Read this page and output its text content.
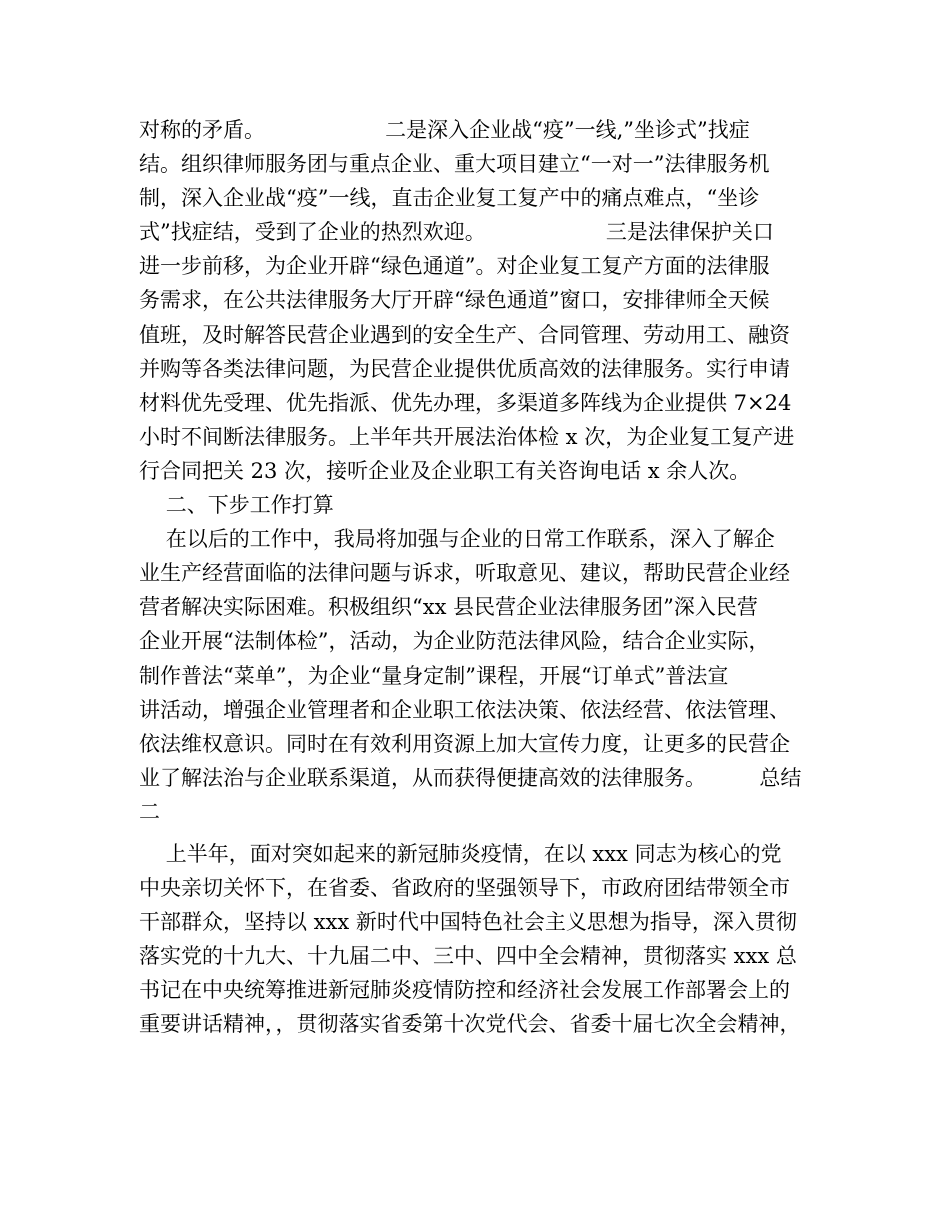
对称的矛盾。                  二是深入企业战“疫”一线,”坐诊式”找症
结。组织律师服务团与重点企业、重大项目建立“一对一”法律服务机
制，深入企业战“疫”一线，直击企业复工复产中的痛点难点，“坐诊
式”找症结，受到了企业的热烈欢迎。                  三是法律保护关口
进一步前移，为企业开辟“绿色通道”。对企业复工复产方面的法律服
务需求，在公共法律服务大厅开辟“绿色通道”窗口，安排律师全天候
值班，及时解答民营企业遇到的安全生产、合同管理、劳动用工、融资
并购等各类法律问题，为民营企业提供优质高效的法律服务。实行申请
材料优先受理、优先指派、优先办理，多渠道多阵线为企业提供 7×24
小时不间断法律服务。上半年共开展法治体检 x 次，为企业复工复产进
行合同把关 23 次，接听企业及企业职工有关咨询电话 x 余人次。
二、下步工作打算
在以后的工作中，我局将加强与企业的日常工作联系，深入了解企
业生产经营面临的法律问题与诉求，听取意见、建议，帮助民营企业经
营者解决实际困难。积极组织“xx 县民营企业法律服务团”深入民营
企业开展“法制体检”，活动，为企业防范法律风险，结合企业实际，
制作普法“菜单”，为企业“量身定制”课程，开展“订单式”普法宣
讲活动，增强企业管理者和企业职工依法决策、依法经营、依法管理、
依法维权意识。同时在有效利用资源上加大宣传力度，让更多的民营企
业了解法治与企业联系渠道，从而获得便捷高效的法律服务。        总结
二
上半年，面对突如起来的新冠肺炎疫情，在以 xxx 同志为核心的党
中央亲切关怀下，在省委、省政府的坚强领导下，市政府团结带领全市
干部群众，坚持以 xxx 新时代中国特色社会主义思想为指导，深入贯彻
落实党的十九大、十九届二中、三中、四中全会精神，贯彻落实 xxx 总
书记在中央统筹推进新冠肺炎疫情防控和经济社会发展工作部署会上的
重要讲话精神，，贯彻落实省委第十次党代会、省委十届七次全会精神，
